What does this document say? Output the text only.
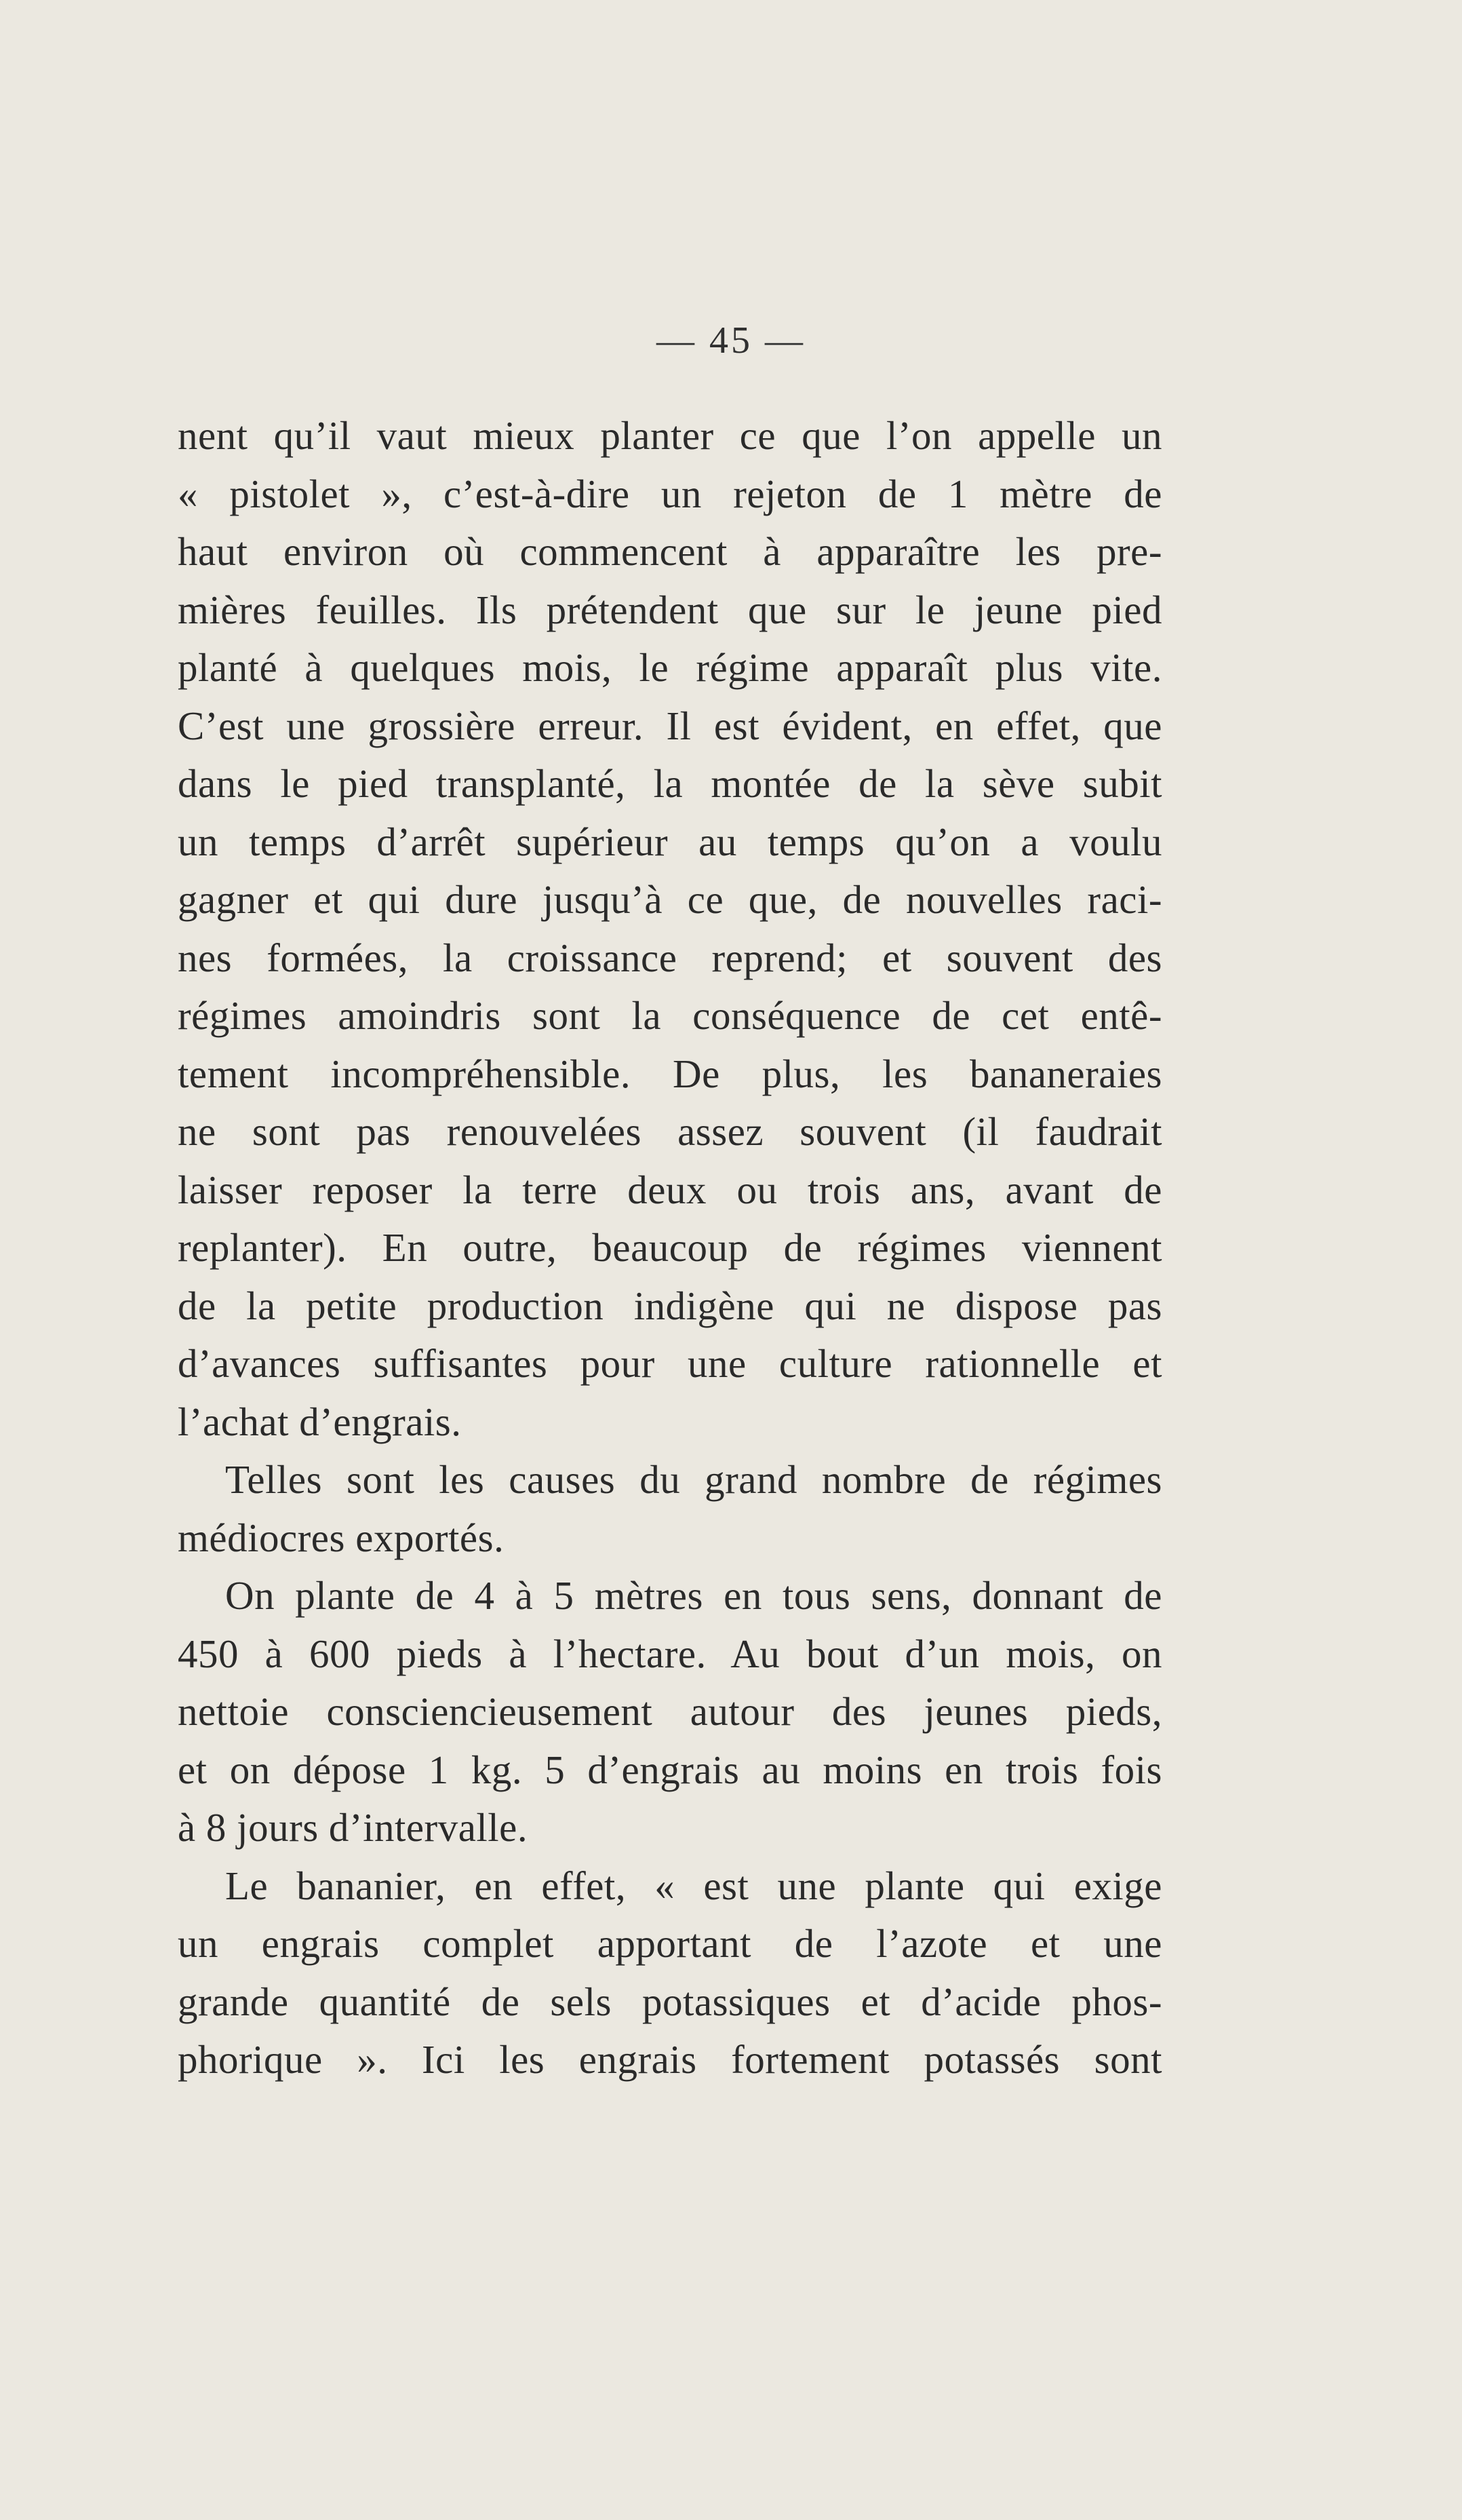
— 45 —
nent qu’il vaut mieux planter ce que l’on appelle un
« pistolet », c’est-à-dire un rejeton de 1 mètre de
haut environ où commencent à apparaître les pre-
mières feuilles. Ils prétendent que sur le jeune pied
planté à quelques mois, le régime apparaît plus vite.
C’est une grossière erreur. Il est évident, en effet, que
dans le pied transplanté, la montée de la sève subit
un temps d’arrêt supérieur au temps qu’on a voulu
gagner et qui dure jusqu’à ce que, de nouvelles raci-
nes formées, la croissance reprend; et souvent des
régimes amoindris sont la conséquence de cet entê-
tement incompréhensible. De plus, les bananeraies
ne sont pas renouvelées assez souvent (il faudrait
laisser reposer la terre deux ou trois ans, avant de
replanter). En outre, beaucoup de régimes viennent
de la petite production indigène qui ne dispose pas
d’avances suffisantes pour une culture rationnelle et
l’achat d’engrais.
Telles sont les causes du grand nombre de régimes
médiocres exportés.
On plante de 4 à 5 mètres en tous sens, donnant de
450 à 600 pieds à l’hectare. Au bout d’un mois, on
nettoie consciencieusement autour des jeunes pieds,
et on dépose 1 kg. 5 d’engrais au moins en trois fois
à 8 jours d’intervalle.
Le bananier, en effet, « est une plante qui exige
un engrais complet apportant de l’azote et une
grande quantité de sels potassiques et d’acide phos-
phorique ». Ici les engrais fortement potassés sont
